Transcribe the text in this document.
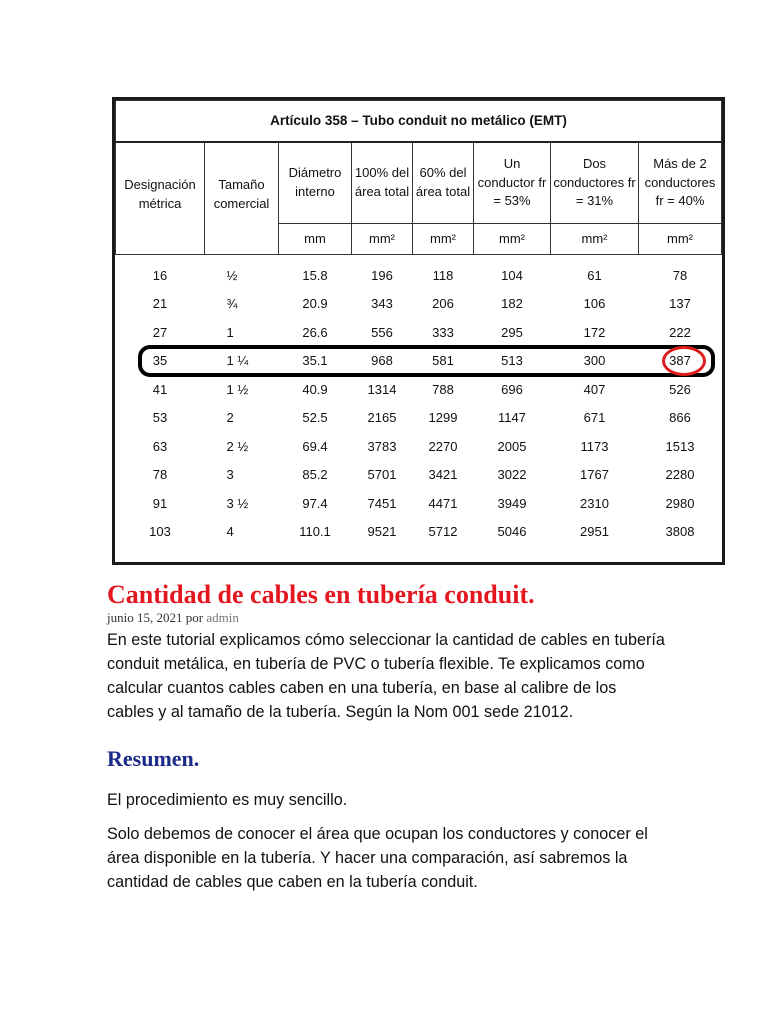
Artículo 358 – Tubo conduit no metálico (EMT)							
Designación métrica	Tamaño comercial	Diámetro interno	100% del área total	60% del área total	Un conductor fr = 53%	Dos conductores fr = 31%	Más de 2 conductores fr = 40%
		mm	mm²	mm²	mm²	mm²	mm²
16	½	15.8	196	118	104	61	78
21	¾	20.9	343	206	182	106	137
27	1	26.6	556	333	295	172	222
35	1 ¼	35.1	968	581	513	300	387
41	1 ½	40.9	1314	788	696	407	526
53	2	52.5	2165	1299	1147	671	866
63	2 ½	69.4	3783	2270	2005	1173	1513
78	3	85.2	5701	3421	3022	1767	2280
91	3 ½	97.4	7451	4471	3949	2310	2980
103	4	110.1	9521	5712	5046	2951	3808
Cantidad de cables en tubería conduit.
junio 15, 2021 por admin

En este tutorial explicamos cómo seleccionar la cantidad de cables en tubería conduit metálica, en tubería de PVC o tubería flexible. Te explicamos como calcular cuantos cables caben en una tubería, en base al calibre de los cables y al tamaño de la tubería. Según la Nom 001 sede 21012.

Resumen.

El procedimiento es muy sencillo.

Solo debemos de conocer el área que ocupan los conductores y conocer el área disponible en la tubería. Y hacer una comparación, así sabremos la cantidad de cables que caben en la tubería conduit.
